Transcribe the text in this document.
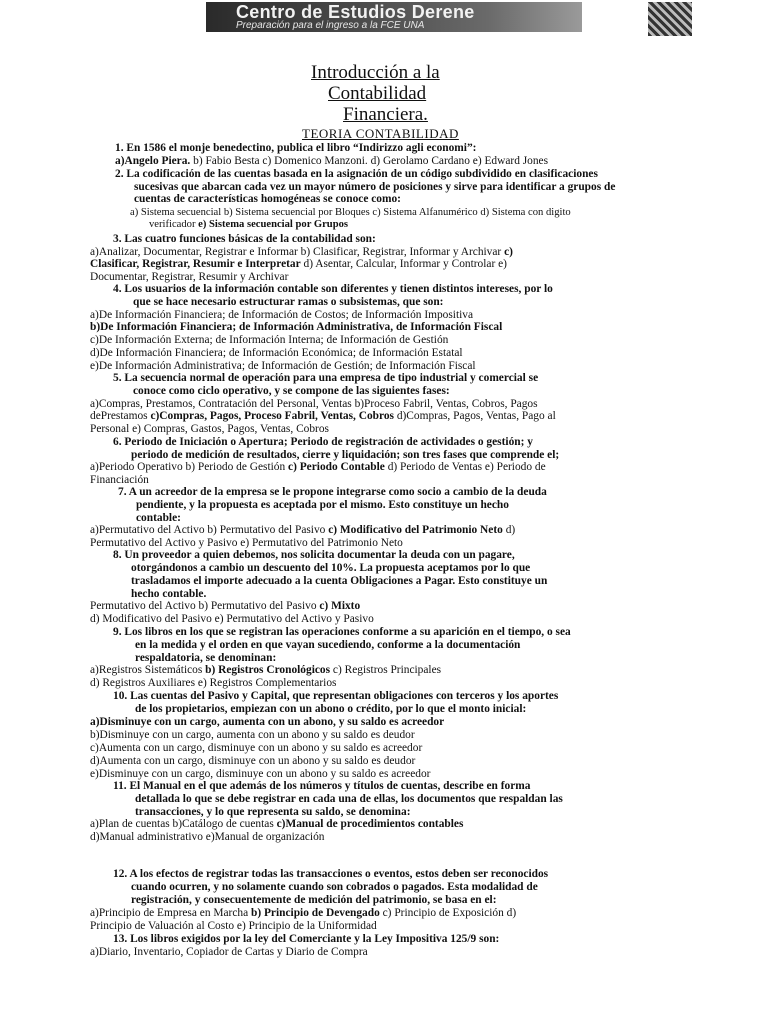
Centro de Estudios Derene
Preparación para el ingreso a la FCE UNA
Introducción a la
Contabilidad
Financiera.
TEORIA CONTABILIDAD
1. En 1586 el monje benedectino, publica el libro “Indirizzo agli economi”:
a)Angelo Piera. b) Fabio Besta c) Domenico Manzoni. d) Gerolamo Cardano e) Edward Jones
2. La codificación de las cuentas basada en la asignación de un código subdividido en clasificaciones
sucesivas que abarcan cada vez un mayor número de posiciones y sirve para identificar a grupos de
cuentas de características homogéneas se conoce como:
a) Sistema secuencial b) Sistema secuencial por Bloques c) Sistema Alfanumérico d) Sistema con digito
verificador e) Sistema secuencial por Grupos
3. Las cuatro funciones básicas de la contabilidad son:
a)Analizar, Documentar, Registrar e Informar b) Clasificar, Registrar, Informar y Archivar c)
Clasificar, Registrar, Resumir e Interpretar d) Asentar, Calcular, Informar y Controlar e)
Documentar, Registrar, Resumir y Archivar
4. Los usuarios de la información contable son diferentes y tienen distintos intereses, por lo
que se hace necesario estructurar ramas o subsistemas, que son:
a)De Información Financiera; de Información de Costos; de Información Impositiva
b)De Información Financiera; de Información Administrativa, de Información Fiscal
c)De Información Externa; de Información Interna; de Información de Gestión
d)De Información Financiera; de Información Económica; de Información Estatal
e)De Información Administrativa; de Información de Gestión; de Información Fiscal
5. La secuencia normal de operación para una empresa de tipo industrial y comercial se
conoce como ciclo operativo, y se compone de las siguientes fases:
a)Compras, Prestamos, Contratación del Personal, Ventas b)Proceso Fabril, Ventas, Cobros, Pagos
dePrestamos c)Compras, Pagos, Proceso Fabril, Ventas, Cobros d)Compras, Pagos, Ventas, Pago al
Personal e) Compras, Gastos, Pagos, Ventas, Cobros
6. Periodo de Iniciación o Apertura; Periodo de registración de actividades o gestión; y
periodo de medición de resultados, cierre y liquidación; son tres fases que comprende el;
a)Periodo Operativo b) Periodo de Gestión c) Periodo Contable d) Periodo de Ventas e) Periodo de
Financiación
7. A un acreedor de la empresa se le propone integrarse como socio a cambio de la deuda
pendiente, y la propuesta es aceptada por el mismo. Esto constituye un hecho
contable:
a)Permutativo del Activo b) Permutativo del Pasivo c) Modificativo del Patrimonio Neto d)
Permutativo del Activo y Pasivo e) Permutativo del Patrimonio Neto
8. Un proveedor a quien debemos, nos solicita documentar la deuda con un pagare,
otorgándonos a cambio un descuento del 10%. La propuesta aceptamos por lo que
trasladamos el importe adecuado a la cuenta Obligaciones a Pagar. Esto constituye un
hecho contable.
Permutativo del Activo b) Permutativo del Pasivo c) Mixto
d) Modificativo del Pasivo e) Permutativo del Activo y Pasivo
9. Los libros en los que se registran las operaciones conforme a su aparición en el tiempo, o sea
en la medida y el orden en que vayan sucediendo, conforme a la documentación
respaldatoria, se denominan:
a)Registros Sistemáticos b) Registros Cronológicos c) Registros Principales
d) Registros Auxiliares e) Registros Complementarios
10. Las cuentas del Pasivo y Capital, que representan obligaciones con terceros y los aportes
de los propietarios, empiezan con un abono o crédito, por lo que el monto inicial:
a)Disminuye con un cargo, aumenta con un abono, y su saldo es acreedor
b)Disminuye con un cargo, aumenta con un abono y su saldo es deudor
c)Aumenta con un cargo, disminuye con un abono y su saldo es acreedor
d)Aumenta con un cargo, disminuye con un abono y su saldo es deudor
e)Disminuye con un cargo, disminuye con un abono y su saldo es acreedor
11. El Manual en el que además de los números y títulos de cuentas, describe en forma
detallada lo que se debe registrar en cada una de ellas, los documentos que respaldan las
transacciones, y lo que representa su saldo, se denomina:
a)Plan de cuentas b)Catálogo de cuentas c)Manual de procedimientos contables
d)Manual administrativo e)Manual de organización
12. A los efectos de registrar todas las transacciones o eventos, estos deben ser reconocidos
cuando ocurren, y no solamente cuando son cobrados o pagados. Esta modalidad de
registración, y consecuentemente de medición del patrimonio, se basa en el:
a)Principio de Empresa en Marcha b) Principio de Devengado c) Principio de Exposición d)
Principio de Valuación al Costo e) Principio de la Uniformidad
13. Los libros exigidos por la ley del Comerciante y la Ley Impositiva 125/9 son:
a)Diario, Inventario, Copiador de Cartas y Diario de Compra
